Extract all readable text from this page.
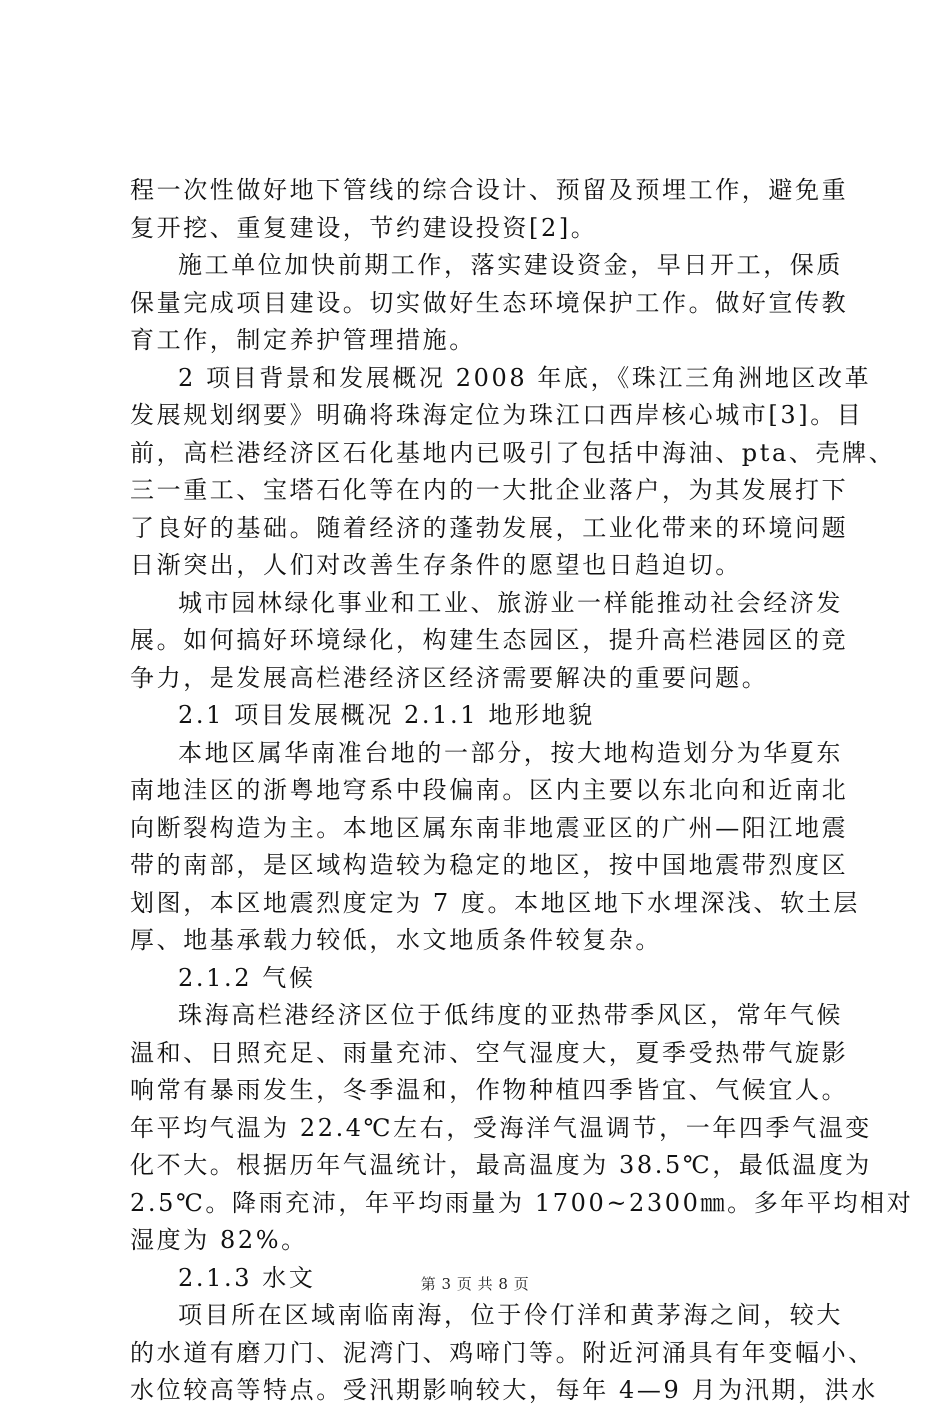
程一次性做好地下管线的综合设计、预留及预埋工作，避免重
复开挖、重复建设，节约建设投资[2]。
施工单位加快前期工作，落实建设资金，早日开工，保质
保量完成项目建设。切实做好生态环境保护工作。做好宣传教
育工作，制定养护管理措施。
2 项目背景和发展概况 2008 年底，《珠江三角洲地区改革
发展规划纲要》明确将珠海定位为珠江口西岸核心城市[3]。目
前，高栏港经济区石化基地内已吸引了包括中海油、pta、壳牌、
三一重工、宝塔石化等在内的一大批企业落户，为其发展打下
了良好的基础。随着经济的蓬勃发展，工业化带来的环境问题
日渐突出，人们对改善生存条件的愿望也日趋迫切。
城市园林绿化事业和工业、旅游业一样能推动社会经济发
展。如何搞好环境绿化，构建生态园区，提升高栏港园区的竞
争力，是发展高栏港经济区经济需要解决的重要问题。
2.1 项目发展概况 2.1.1 地形地貌
本地区属华南准台地的一部分，按大地构造划分为华夏东
南地洼区的浙粤地穹系中段偏南。区内主要以东北向和近南北
向断裂构造为主。本地区属东南非地震亚区的广州—阳江地震
带的南部，是区域构造较为稳定的地区，按中国地震带烈度区
划图，本区地震烈度定为 7 度。本地区地下水埋深浅、软土层
厚、地基承载力较低，水文地质条件较复杂。
2.1.2 气候
珠海高栏港经济区位于低纬度的亚热带季风区，常年气候
温和、日照充足、雨量充沛、空气湿度大，夏季受热带气旋影
响常有暴雨发生，冬季温和，作物种植四季皆宜、气候宜人。
年平均气温为 22.4℃左右，受海洋气温调节，一年四季气温变
化不大。根据历年气温统计，最高温度为 38.5℃，最低温度为
2.5℃。降雨充沛，年平均雨量为 1700~2300㎜。多年平均相对
湿度为 82%。
2.1.3 水文
项目所在区域南临南海，位于伶仃洋和黄茅海之间，较大
的水道有磨刀门、泥湾门、鸡啼门等。附近河涌具有年变幅小、
水位较高等特点。受汛期影响较大，每年 4—9 月为汛期，洪水
第 3 页 共 8 页
